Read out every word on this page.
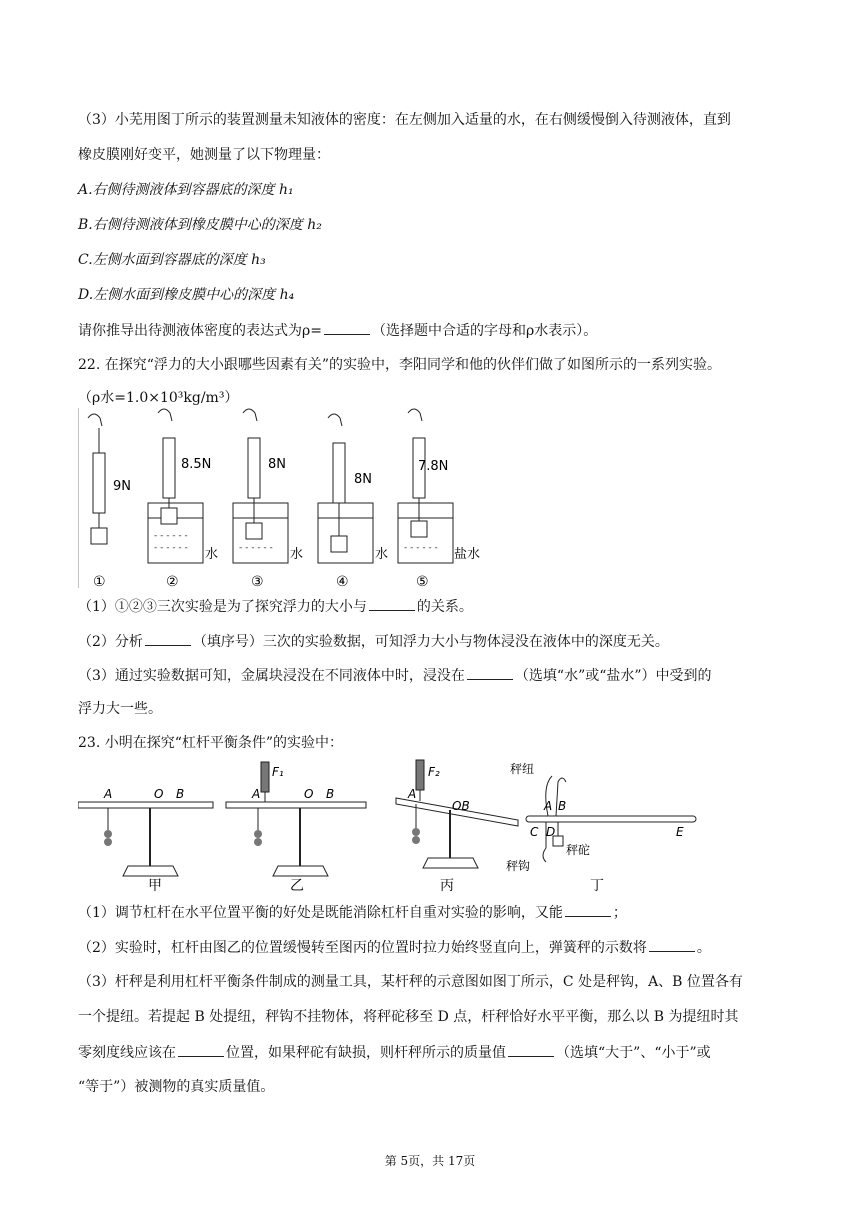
（3）小芜用图丁所示的装置测量未知液体的密度：在左侧加入适量的水，在右侧缓慢倒入待测液体，直到
橡皮膜刚好变平，她测量了以下物理量：
A.右侧待测液体到容器底的深度 h₁
B.右侧待测液体到橡皮膜中心的深度 h₂
C.左侧水面到容器底的深度 h₃
D.左侧水面到橡皮膜中心的深度 h₄
请你推导出待测液体密度的表达式为ρ=	（选择题中合适的字母和ρ水表示）。
22. 在探究“浮力的大小跟哪些因素有关”的实验中，李阳同学和他的伙伴们做了如图所示的一系列实验。
（ρ水=1.0×10³kg/m³）
9N
①
- - - - - -
- - - - - -
8.5N
水
②
- - - - - -
8N
水
③
8N
水
④
- - - - - -
7.8N
盐水
⑤
（1）①②③三次实验是为了探究浮力的大小与	的关系。
（2）分析	（填序号）三次的实验数据，可知浮力大小与物体浸没在液体中的深度无关。
（3）通过实验数据可知，金属块浸没在不同液体中时，浸没在	（选填“水”或“盐水”）中受到的
浮力大一些。
23. 小明在探究“杠杆平衡条件”的实验中：
A	O B
甲
F₁
A	O B
乙
F₂
A
OB
丙
秤纽
A B
C D	E
秤砣
秤钩
丁
（1）调节杠杆在水平位置平衡的好处是既能消除杠杆自重对实验的影响，又能	；
（2）实验时，杠杆由图乙的位置缓慢转至图丙的位置时拉力始终竖直向上，弹簧秤的示数将	。
（3）杆秤是利用杠杆平衡条件制成的测量工具，某杆秤的示意图如图丁所示，C 处是秤钩，A、B 位置各有
一个提纽。若提起 B 处提纽，秤钩不挂物体，将秤砣移至 D 点，杆秤恰好水平平衡，那么以 B 为提纽时其
零刻度线应该在	位置，如果秤砣有缺损，则杆秤所示的质量值	（选填“大于”、“小于”或
“等于”）被测物的真实质量值。
第 5页，共 17页
